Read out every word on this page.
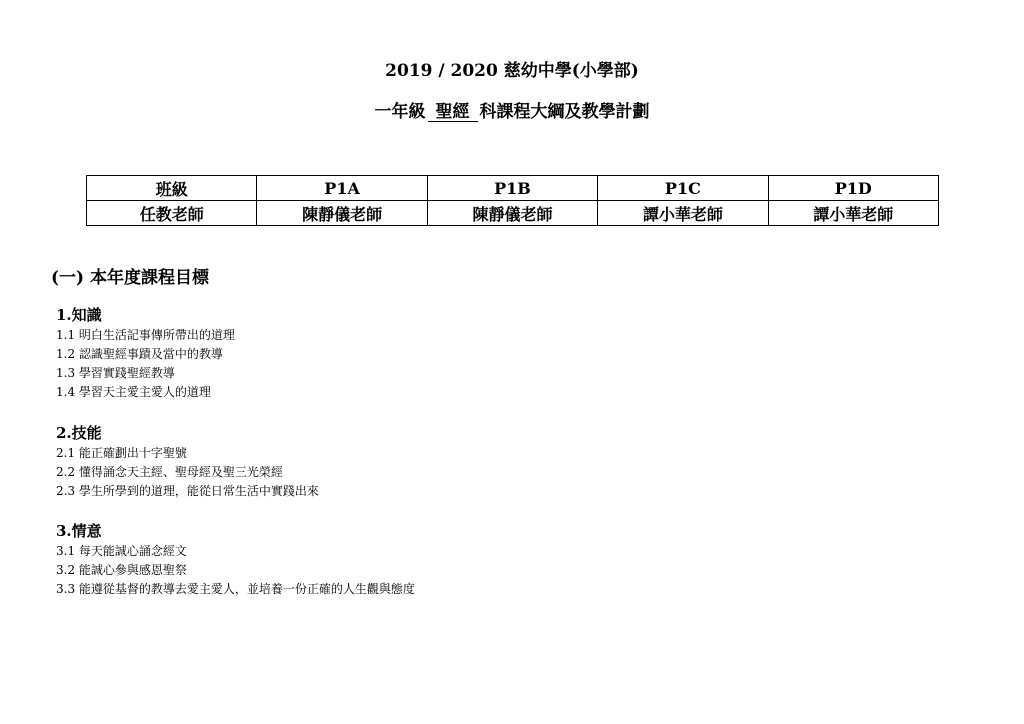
2019 / 2020 慈幼中學(小學部)
一年級 聖經 科課程大綱及教學計劃
班級	P1A	P1B	P1C	P1D
任教老師	陳靜儀老師	陳靜儀老師	譚小華老師	譚小華老師
(一) 本年度課程目標
1.知識
1.1 明白生活記事傳所帶出的道理
1.2 認識聖經事蹟及當中的教導
1.3 學習實踐聖經教導
1.4 學習天主愛主愛人的道理
2.技能
2.1 能正確劃出十字聖號
2.2 懂得誦念天主經、聖母經及聖三光榮經
2.3 學生所學到的道理，能從日常生活中實踐出來
3.情意
3.1 每天能誠心誦念經文
3.2 能誠心參與感恩聖祭
3.3 能遵從基督的教導去愛主愛人，並培養一份正確的人生觀與態度
